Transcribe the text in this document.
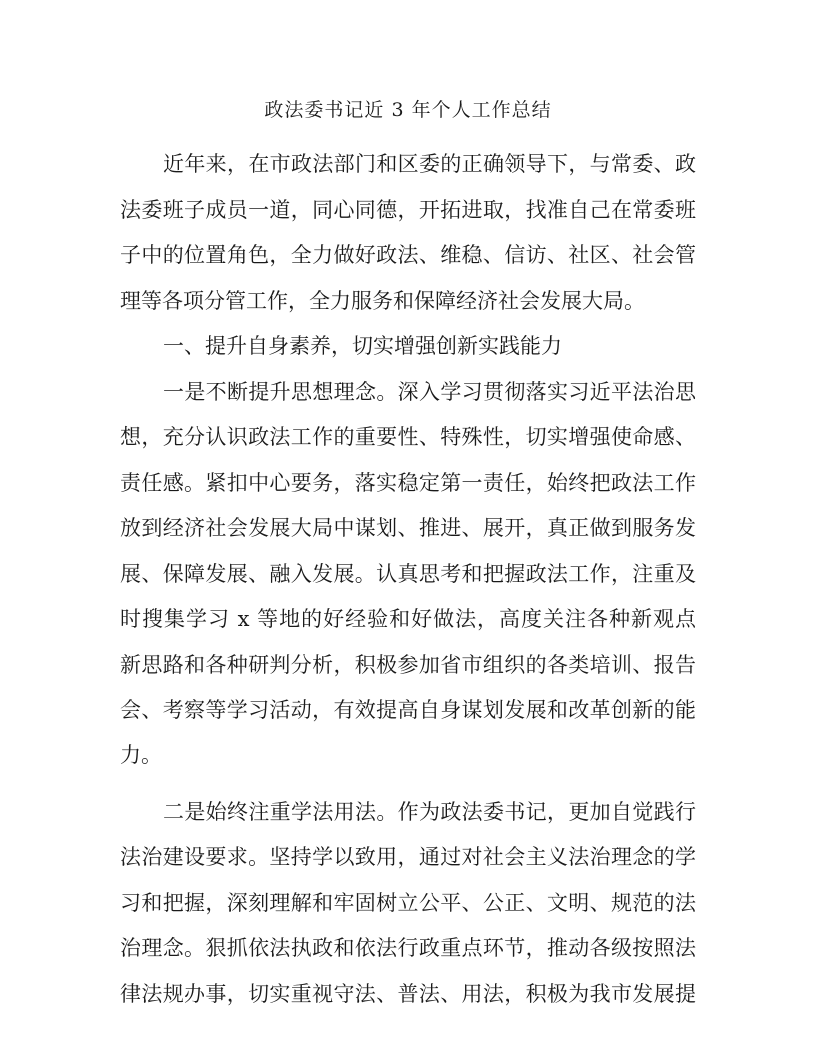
政法委书记近 3 年个人工作总结
近年来，在市政法部门和区委的正确领导下，与常委、政
法委班子成员一道，同心同德，开拓进取，找准自己在常委班
子中的位置角色，全力做好政法、维稳、信访、社区、社会管
理等各项分管工作，全力服务和保障经济社会发展大局。
一、提升自身素养，切实增强创新实践能力
一是不断提升思想理念。深入学习贯彻落实习近平法治思
想，充分认识政法工作的重要性、特殊性，切实增强使命感、
责任感。紧扣中心要务，落实稳定第一责任，始终把政法工作
放到经济社会发展大局中谋划、推进、展开，真正做到服务发
展、保障发展、融入发展。认真思考和把握政法工作，注重及
时搜集学习 x 等地的好经验和好做法，高度关注各种新观点
新思路和各种研判分析，积极参加省市组织的各类培训、报告
会、考察等学习活动，有效提高自身谋划发展和改革创新的能
力。
二是始终注重学法用法。作为政法委书记，更加自觉践行
法治建设要求。坚持学以致用，通过对社会主义法治理念的学
习和把握，深刻理解和牢固树立公平、公正、文明、规范的法
治理念。狠抓依法执政和依法行政重点环节，推动各级按照法
律法规办事，切实重视守法、普法、用法，积极为我市发展提
